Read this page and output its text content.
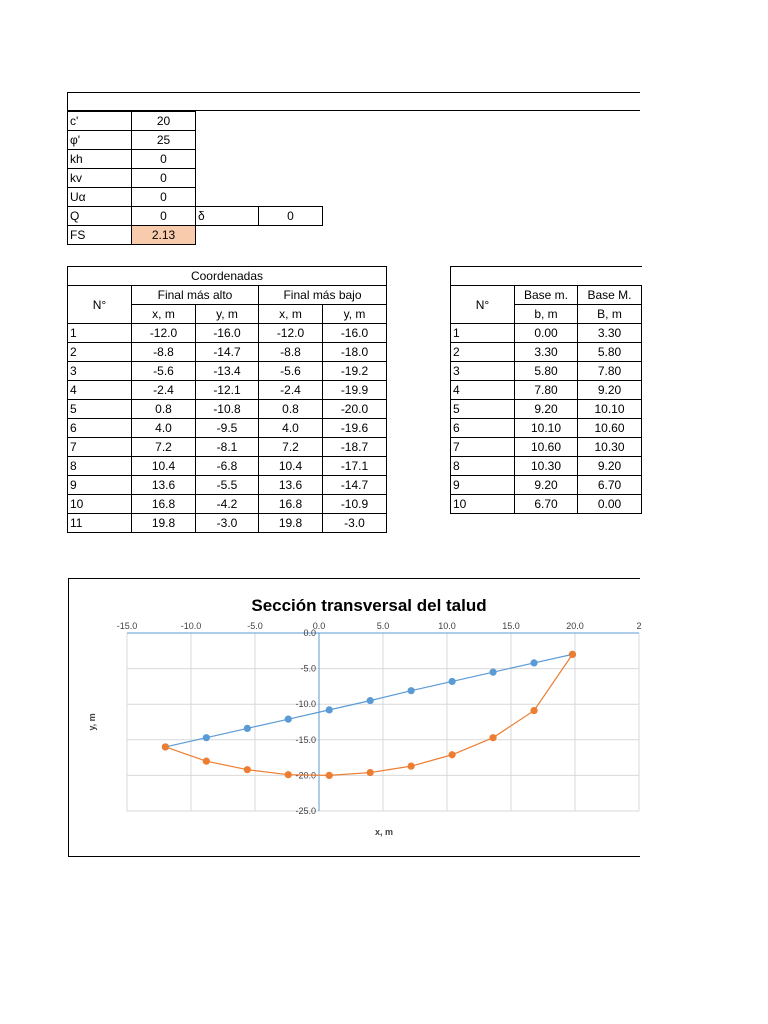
c'	20		
φ'	25		
kh	0		
kv	0		
Uα	0		
Q	0	δ	0
FS	2.13		
Coordenadas				
N°	Final más alto		Final más bajo	
	x, m	y, m	x, m	y, m
1	-12.0	-16.0	-12.0	-16.0
2	-8.8	-14.7	-8.8	-18.0
3	-5.6	-13.4	-5.6	-19.2
4	-2.4	-12.1	-2.4	-19.9
5	0.8	-10.8	0.8	-20.0
6	4.0	-9.5	4.0	-19.6
7	7.2	-8.1	7.2	-18.7
8	10.4	-6.8	10.4	-17.1
9	13.6	-5.5	13.6	-14.7
10	16.8	-4.2	16.8	-10.9
11	19.8	-3.0	19.8	-3.0

N°	Base m.	Base M.
	b, m	B, m
1	0.00	3.30
2	3.30	5.80
3	5.80	7.80
4	7.80	9.20
5	9.20	10.10
6	10.10	10.60
7	10.60	10.30
8	10.30	9.20
9	9.20	6.70
10	6.70	0.00
-15.0	-10.0	-5.0	0.0	5.0	10.0	15.0	20.0	2
0.0
-5.0
-10.0
-15.0
-20.0
-25.0
Sección transversal del talud
x, m
y, m
